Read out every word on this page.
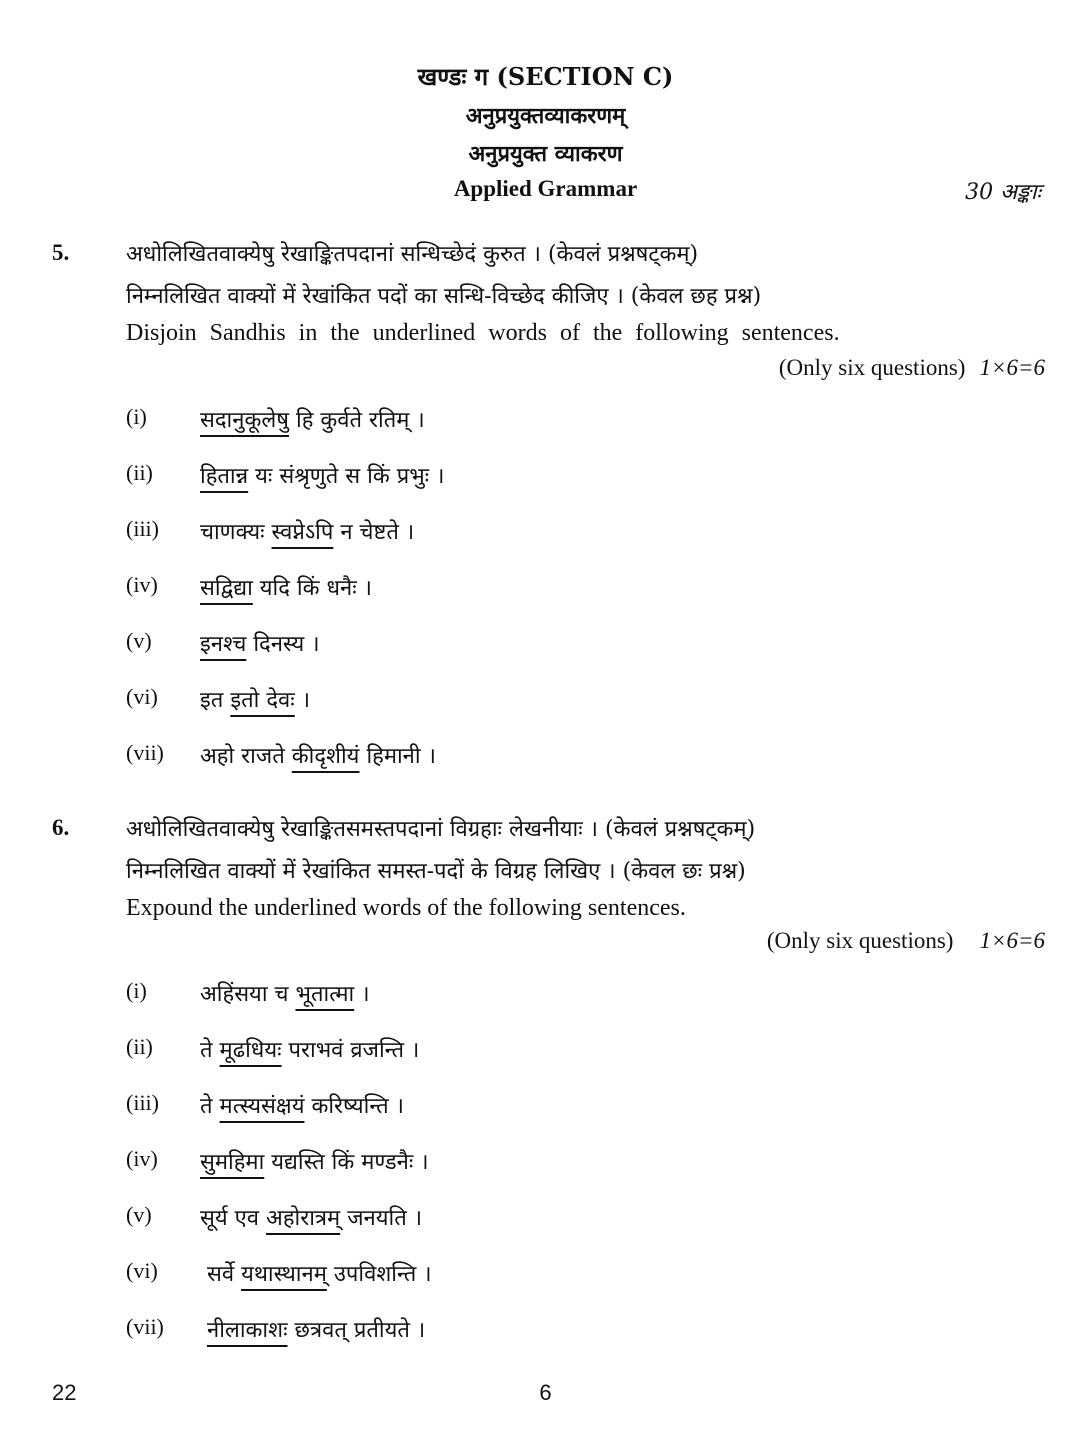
खण्डः ग (SECTION C)
अनुप्रयुक्तव्याकरणम्
अनुप्रयुक्त व्याकरण
Applied Grammar	30 अङ्काः
5.	अधोलिखितवाक्येषु रेखाङ्कितपदानां सन्धिच्छेदं कुरुत । (केवलं प्रश्नषट्कम्)
निम्नलिखित वाक्यों में रेखांकित पदों का सन्धि-विच्छेद कीजिए । (केवल छह प्रश्न)
Disjoin Sandhis in the underlined words of the following sentences.
(Only six questions) 1×6=6
(i) सदानुकूलेषु हि कुर्वते रतिम् ।
(ii) हितान्न यः संश्रृणुते स किं प्रभुः ।
(iii) चाणक्यः स्वप्नेऽपि न चेष्टते ।
(iv) सद्विद्या यदि किं धनैः ।
(v) इनश्च दिनस्य ।
(vi) इत इतो देवः ।
(vii) अहो राजते कीदृशीयं हिमानी ।
6.	अधोलिखितवाक्येषु रेखाङ्कितसमस्तपदानां विग्रहाः लेखनीयाः । (केवलं प्रश्नषट्कम्)
निम्नलिखित वाक्यों में रेखांकित समस्त-पदों के विग्रह लिखिए । (केवल छः प्रश्न)
Expound the underlined words of the following sentences.
(Only six questions) 1×6=6
(i) अहिंसया च भूतात्मा ।
(ii) ते मूढधियः पराभवं व्रजन्ति ।
(iii) ते मत्स्यसंक्षयं करिष्यन्ति ।
(iv) सुमहिमा यद्यस्ति किं मण्डनैः ।
(v) सूर्य एव अहोरात्रम् जनयति ।
(vi) सर्वे यथास्थानम् उपविशन्ति ।
(vii)	नीलाकाशः छत्रवत् प्रतीयते ।
22	6
